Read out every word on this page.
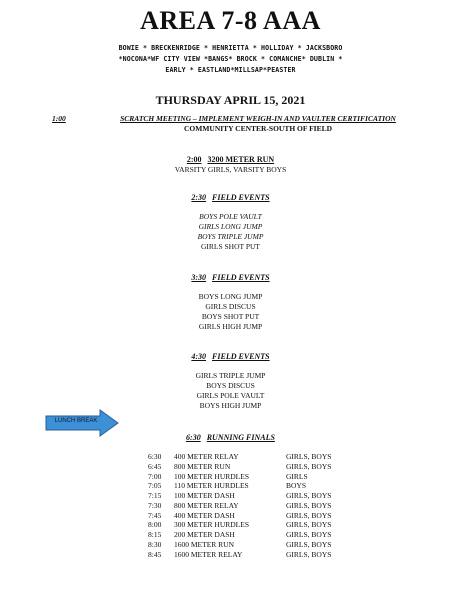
AREA 7-8 AAA
BOWIE * BRECKENRIDGE * HENRIETTA * HOLLIDAY * JACKSBORO
*NOCONA*WF CITY VIEW *BANGS* BROCK * COMANCHE* DUBLIN *
EARLY * EASTLAND*MILLSAP*PEASTER
THURSDAY APRIL 15, 2021
1:00	SCRATCH MEETING – IMPLEMENT WEIGH-IN AND VAULTER CERTIFICATION
COMMUNITY CENTER-SOUTH OF FIELD
2:00 3200 METER RUN
VARSITY GIRLS, VARSITY BOYS
2:30 FIELD EVENTS
BOYS POLE VAULT
GIRLS LONG JUMP
BOYS TRIPLE JUMP
GIRLS SHOT PUT
3:30 FIELD EVENTS
BOYS LONG JUMP
GIRLS DISCUS
BOYS SHOT PUT
GIRLS HIGH JUMP
4:30 FIELD EVENTS
GIRLS TRIPLE JUMP
BOYS DISCUS
GIRLS POLE VAULT
BOYS HIGH JUMP
LUNCH BREAK
6:30 RUNNING FINALS
6:30	400 METER RELAY	GIRLS, BOYS
6:45	800 METER RUN	GIRLS, BOYS
7:00	100 METER HURDLES	GIRLS
7:05	110 METER HURDLES	BOYS
7:15	100 METER DASH	GIRLS, BOYS
7:30	800 METER RELAY	GIRLS, BOYS
7:45	400 METER DASH	GIRLS, BOYS
8:00	300 METER HURDLES	GIRLS, BOYS
8:15	200 METER DASH	GIRLS, BOYS
8:30	1600 METER RUN	GIRLS, BOYS
8:45	1600 METER RELAY	GIRLS, BOYS
